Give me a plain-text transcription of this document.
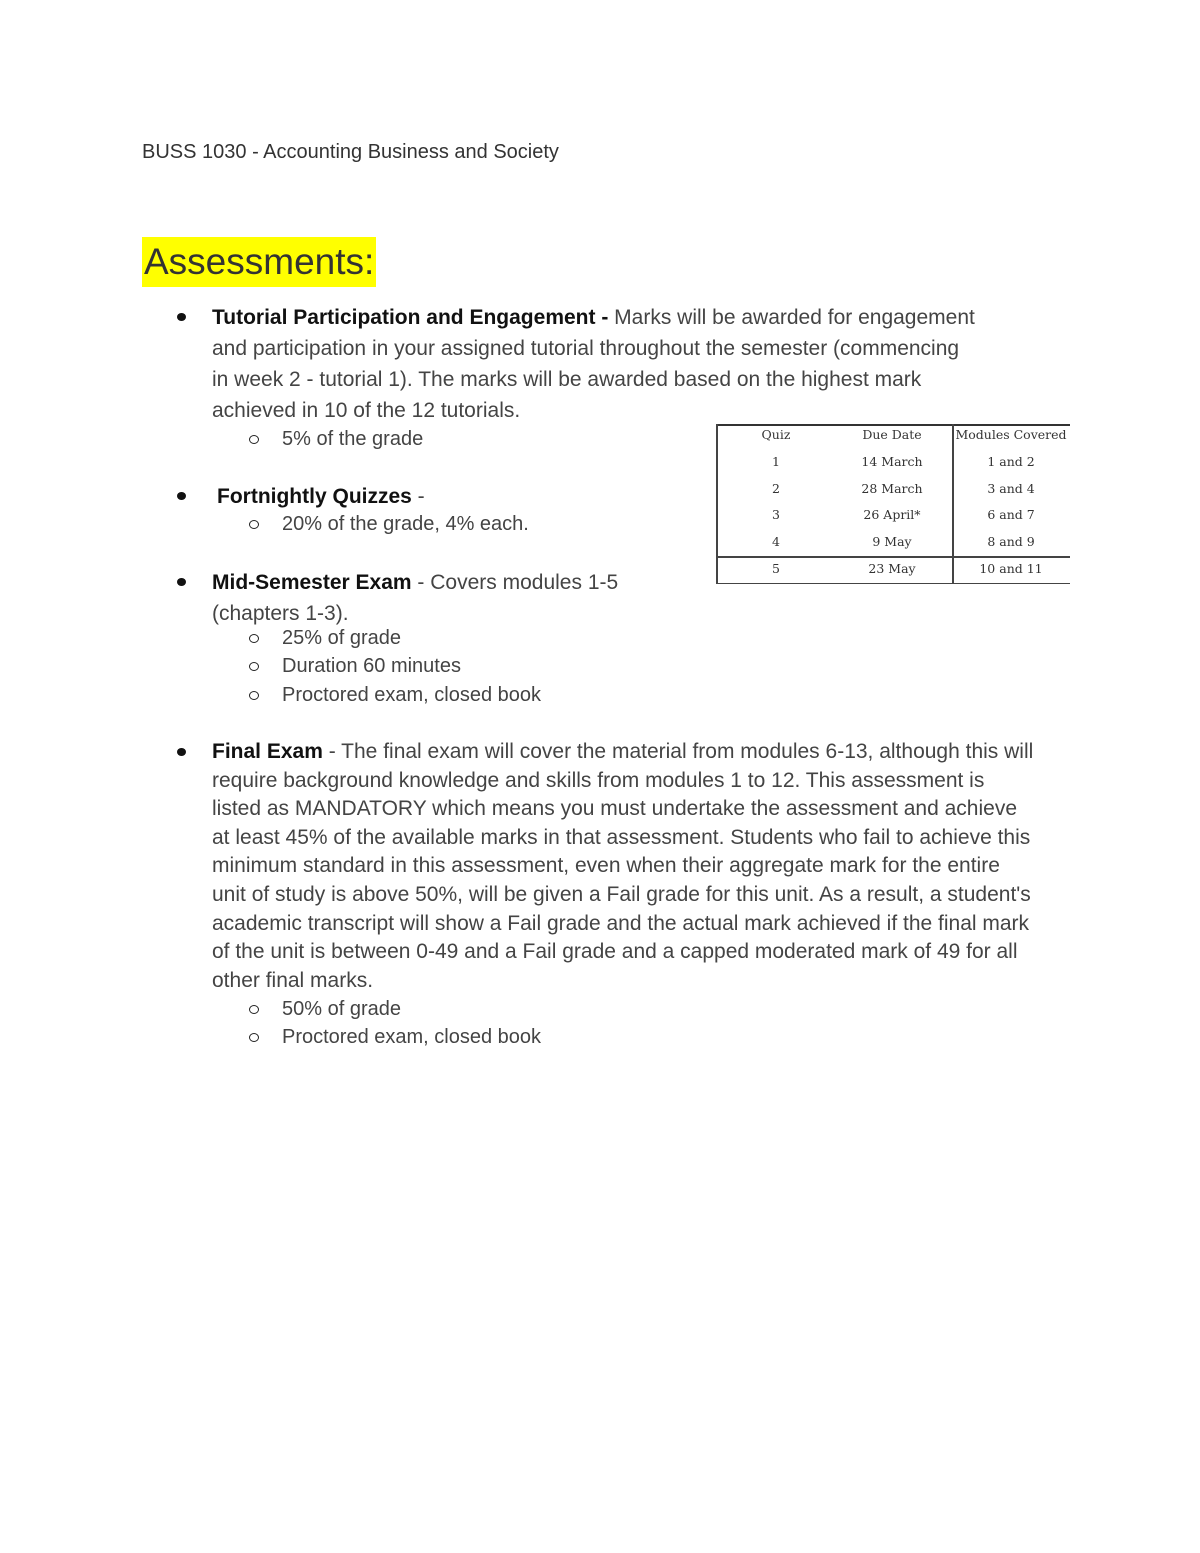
BUSS 1030 - Accounting Business and Society
Assessments:
Tutorial Participation and Engagement - Marks will be awarded for engagement
and participation in your assigned tutorial throughout the semester (commencing
in week 2 - tutorial 1). The marks will be awarded based on the highest mark
achieved in 10 of the 12 tutorials.
5% of the grade
Fortnightly Quizzes -
20% of the grade, 4% each.
Mid-Semester Exam - Covers modules 1-5
(chapters 1-3).
25% of grade
Duration 60 minutes
Proctored exam, closed book
Final Exam - The final exam will cover the material from modules 6-13, although this will
require background knowledge and skills from modules 1 to 12. This assessment is
listed as MANDATORY which means you must undertake the assessment and achieve
at least 45% of the available marks in that assessment. Students who fail to achieve this
minimum standard in this assessment, even when their aggregate mark for the entire
unit of study is above 50%, will be given a Fail grade for this unit. As a result, a student's
academic transcript will show a Fail grade and the actual mark achieved if the final mark
of the unit is between 0-49 and a Fail grade and a capped moderated mark of 49 for all
other final marks.
50% of grade
Proctored exam, closed book
Quiz	Due Date	Modules Covered
1	14 March	1 and 2
2	28 March	3 and 4
3	26 April*	6 and 7
4	9 May	8 and 9
5	23 May	10 and 11
